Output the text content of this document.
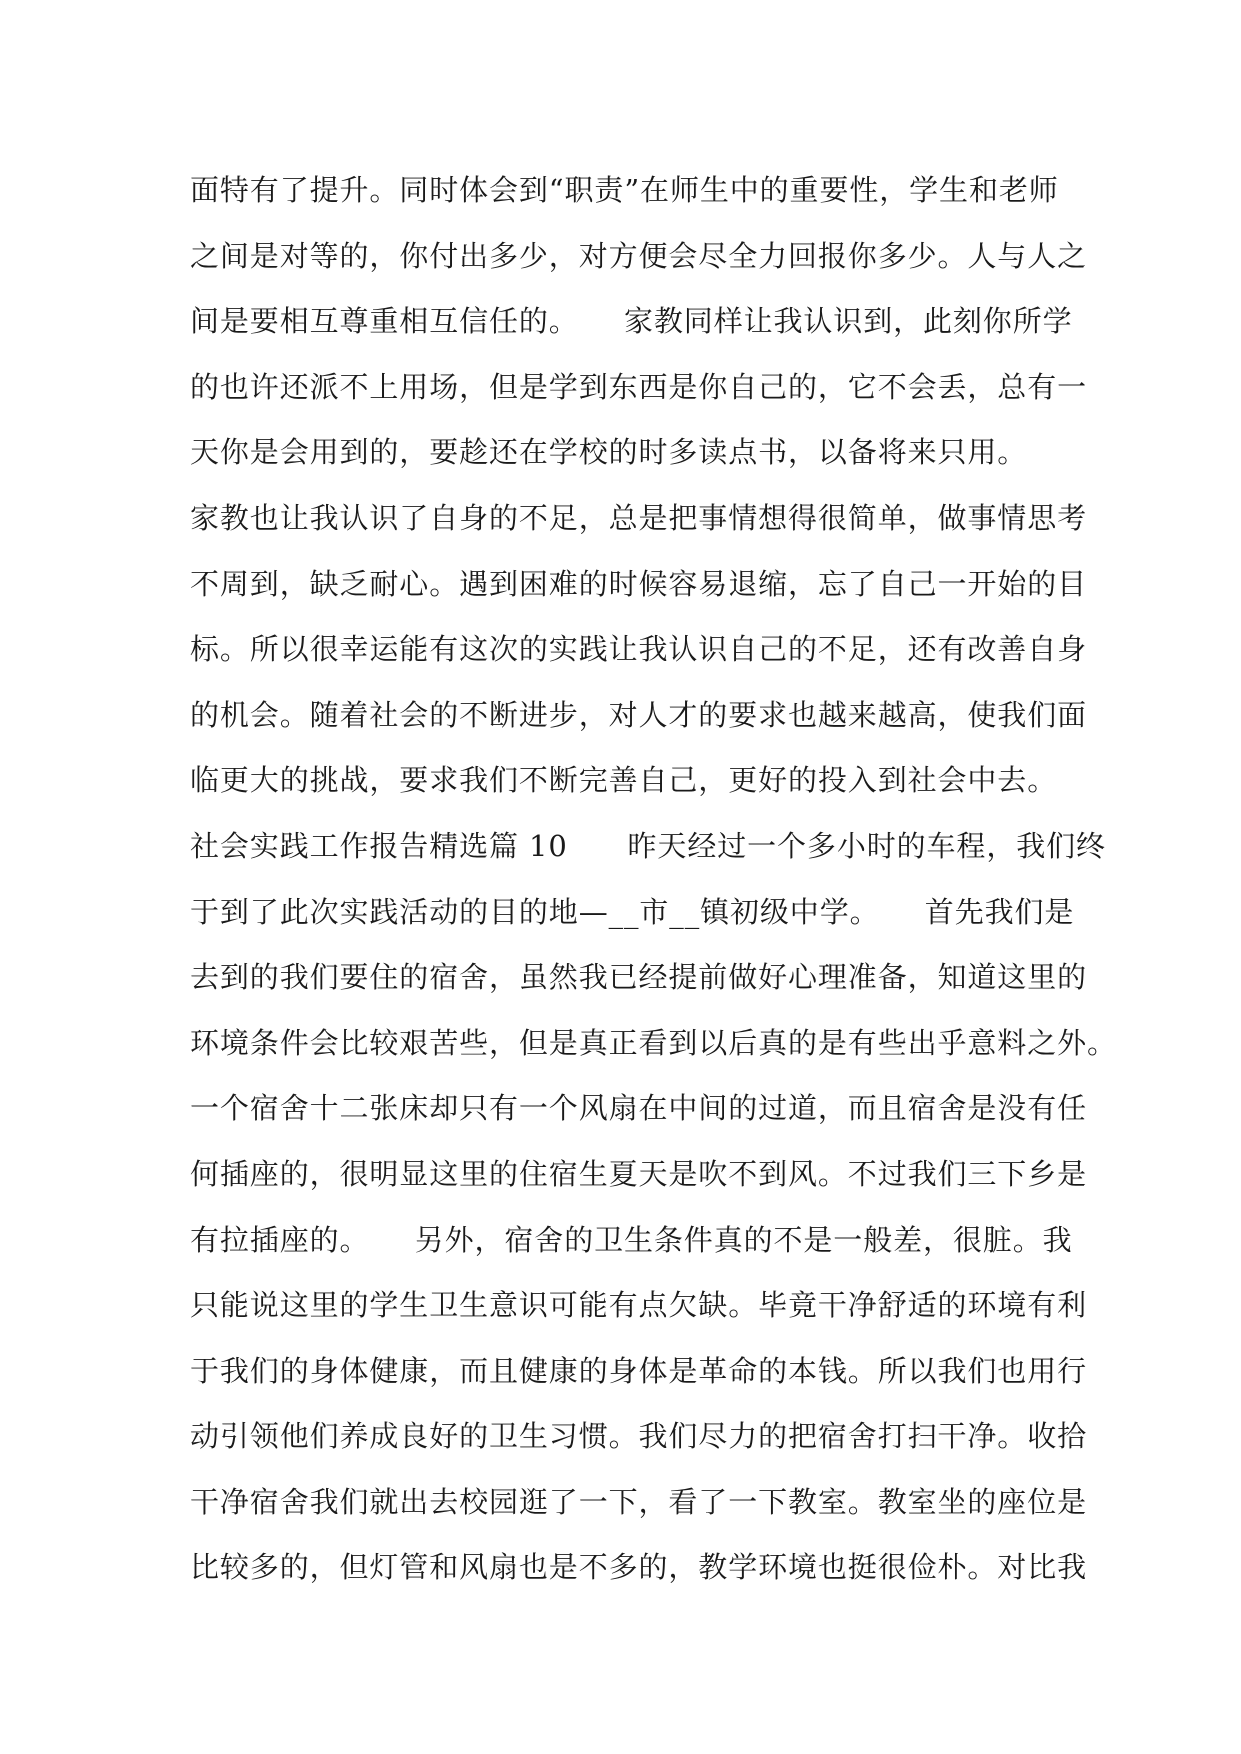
面特有了提升。同时体会到“职责”在师生中的重要性，学生和老师
之间是对等的，你付出多少，对方便会尽全力回报你多少。人与人之
间是要相互尊重相互信任的。　　家教同样让我认识到，此刻你所学
的也许还派不上用场，但是学到东西是你自己的，它不会丢，总有一
天你是会用到的，要趁还在学校的时多读点书，以备将来只用。
家教也让我认识了自身的不足，总是把事情想得很简单，做事情思考
不周到，缺乏耐心。遇到困难的时候容易退缩，忘了自己一开始的目
标。所以很幸运能有这次的实践让我认识自己的不足，还有改善自身
的机会。随着社会的不断进步，对人才的要求也越来越高，使我们面
临更大的挑战，要求我们不断完善自己，更好的投入到社会中去。
社会实践工作报告精选篇 10　　昨天经过一个多小时的车程，我们终
于到了此次实践活动的目的地—__市__镇初级中学。　　首先我们是
去到的我们要住的宿舍，虽然我已经提前做好心理准备，知道这里的
环境条件会比较艰苦些，但是真正看到以后真的是有些出乎意料之外。
一个宿舍十二张床却只有一个风扇在中间的过道，而且宿舍是没有任
何插座的，很明显这里的住宿生夏天是吹不到风。不过我们三下乡是
有拉插座的。　　另外，宿舍的卫生条件真的不是一般差，很脏。我
只能说这里的学生卫生意识可能有点欠缺。毕竟干净舒适的环境有利
于我们的身体健康，而且健康的身体是革命的本钱。所以我们也用行
动引领他们养成良好的卫生习惯。我们尽力的把宿舍打扫干净。收拾
干净宿舍我们就出去校园逛了一下，看了一下教室。教室坐的座位是
比较多的，但灯管和风扇也是不多的，教学环境也挺很俭朴。对比我
